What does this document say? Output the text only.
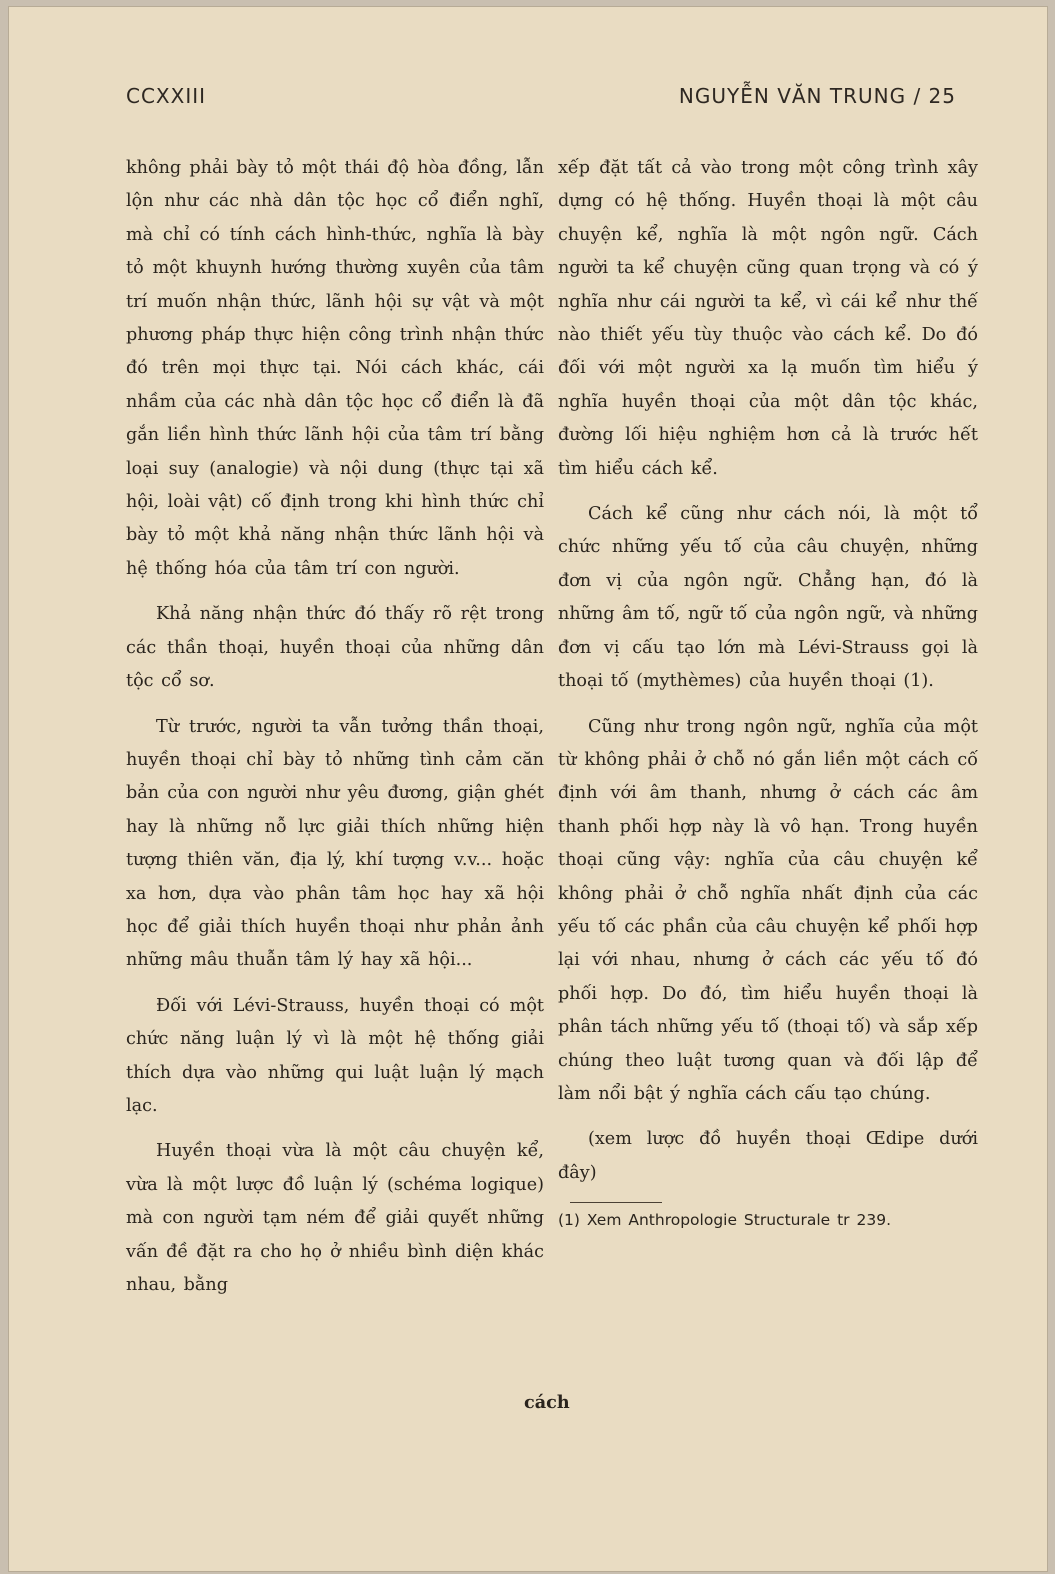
CCXXIII	NGUYỄN VĂN TRUNG / 25

không phải bày tỏ một thái độ hòa đồng, lẫn lộn như các nhà dân tộc học cổ điển nghĩ, mà chỉ có tính cách hình-thức, nghĩa là bày tỏ một khuynh hướng thường xuyên của tâm trí muốn nhận thức, lãnh hội sự vật và một phương pháp thực hiện công trình nhận thức đó trên mọi thực tại. Nói cách khác, cái nhầm của các nhà dân tộc học cổ điển là đã gắn liền hình thức lãnh hội của tâm trí bằng loại suy (analogie) và nội dung (thực tại xã hội, loài vật) cố định trong khi hình thức chỉ bày tỏ một khả năng nhận thức lãnh hội và hệ thống hóa của tâm trí con người.

Khả năng nhận thức đó thấy rõ rệt trong các thần thoại, huyền thoại của những dân tộc cổ sơ.

Từ trước, người ta vẫn tưởng thần thoại, huyền thoại chỉ bày tỏ những tình cảm căn bản của con người như yêu đương, giận ghét hay là những nỗ lực giải thích những hiện tượng thiên văn, địa lý, khí tượng v.v... hoặc xa hơn, dựa vào phân tâm học hay xã hội học để giải thích huyền thoại như phản ảnh những mâu thuẫn tâm lý hay xã hội...

Đối với Lévi-Strauss, huyền thoại có một chức năng luận lý vì là một hệ thống giải thích dựa vào những qui luật luận lý mạch lạc.

Huyền thoại vừa là một câu chuyện kể, vừa là một lược đồ luận lý (schéma logique) mà con người tạm ném để giải quyết những vấn đề đặt ra cho họ ở nhiều bình diện khác nhau, bằng

cách

xếp đặt tất cả vào trong một công trình xây dựng có hệ thống. Huyền thoại là một câu chuyện kể, nghĩa là một ngôn ngữ. Cách người ta kể chuyện cũng quan trọng và có ý nghĩa như cái người ta kể, vì cái kể như thế nào thiết yếu tùy thuộc vào cách kể. Do đó đối với một người xa lạ muốn tìm hiểu ý nghĩa huyền thoại của một dân tộc khác, đường lối hiệu nghiệm hơn cả là trước hết tìm hiểu cách kể.

Cách kể cũng như cách nói, là một tổ chức những yếu tố của câu chuyện, những đơn vị của ngôn ngữ. Chẳng hạn, đó là những âm tố, ngữ tố của ngôn ngữ, và những đơn vị cấu tạo lớn mà Lévi-Strauss gọi là thoại tố (mythèmes) của huyền thoại (1).

Cũng như trong ngôn ngữ, nghĩa của một từ không phải ở chỗ nó gắn liền một cách cố định với âm thanh, nhưng ở cách các âm thanh phối hợp này là vô hạn. Trong huyền thoại cũng vậy: nghĩa của câu chuyện kể không phải ở chỗ nghĩa nhất định của các yếu tố các phần của câu chuyện kể phối hợp lại với nhau, nhưng ở cách các yếu tố đó phối hợp. Do đó, tìm hiểu huyền thoại là phân tách những yếu tố (thoại tố) và sắp xếp chúng theo luật tương quan và đối lập để làm nổi bật ý nghĩa cách cấu tạo chúng.

(xem lược đồ huyền thoại Œdipe dưới đây)

(1) Xem Anthropologie Structurale tr 239.
